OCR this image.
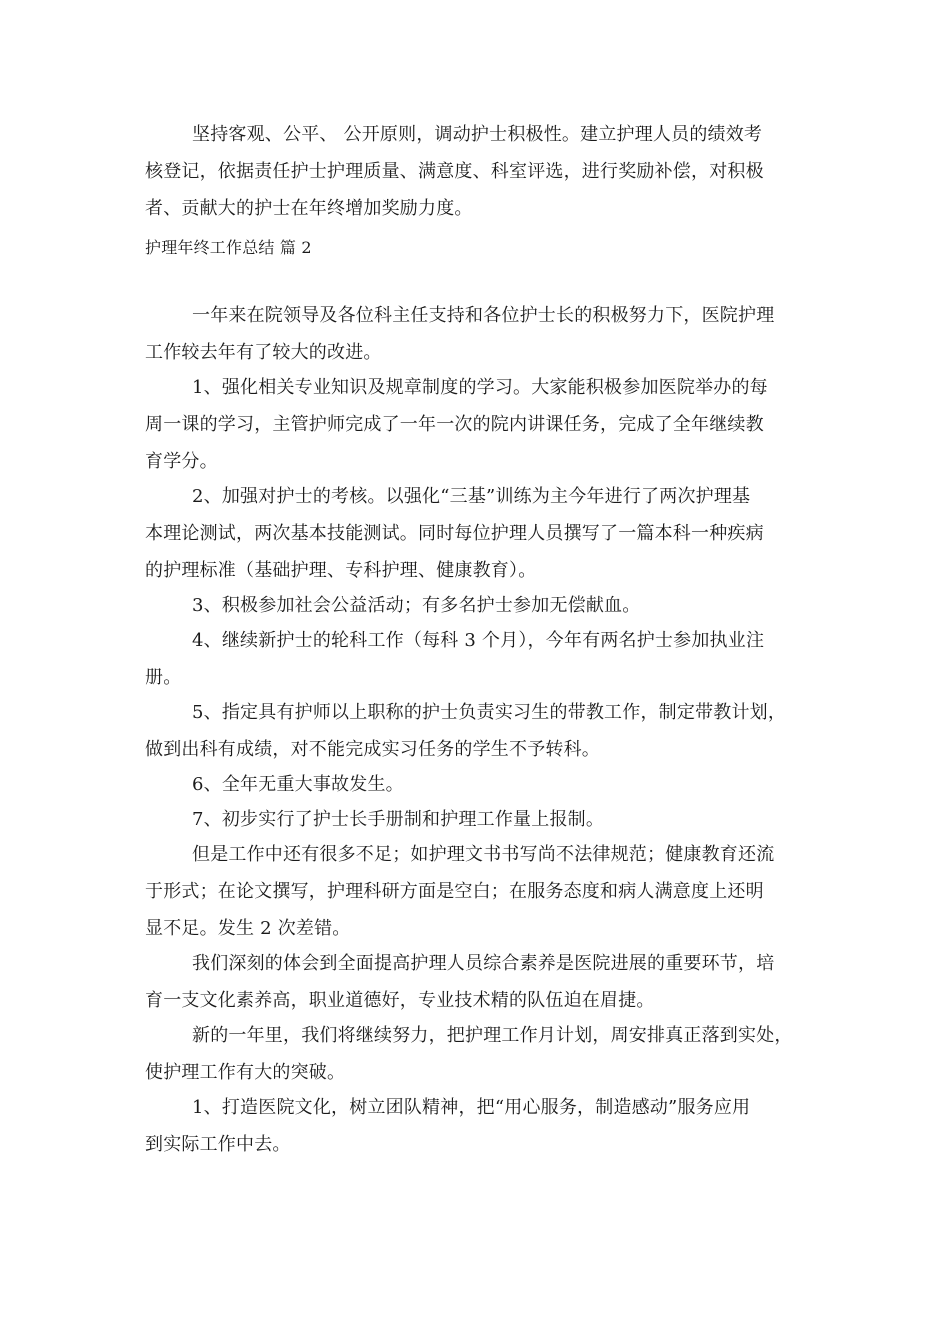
坚持客观、公平、 公开原则，调动护士积极性。建立护理人员的绩效考
核登记，依据责任护士护理质量、满意度、科室评选，进行奖励补偿，对积极
者、贡献大的护士在年终增加奖励力度。
护理年终工作总结 篇 2
一年来在院领导及各位科主任支持和各位护士长的积极努力下，医院护理
工作较去年有了较大的改进。
1、强化相关专业知识及规章制度的学习。大家能积极参加医院举办的每
周一课的学习，主管护师完成了一年一次的院内讲课任务，完成了全年继续教
育学分。
2、加强对护士的考核。以强化“三基”训练为主今年进行了两次护理基
本理论测试，两次基本技能测试。同时每位护理人员撰写了一篇本科一种疾病
的护理标准（基础护理、专科护理、健康教育）。
3、积极参加社会公益活动；有多名护士参加无偿献血。
4、继续新护士的轮科工作（每科 3 个月），今年有两名护士参加执业注
册。
5、指定具有护师以上职称的护士负责实习生的带教工作，制定带教计划，
做到出科有成绩，对不能完成实习任务的学生不予转科。
6、全年无重大事故发生。
7、初步实行了护士长手册制和护理工作量上报制。
但是工作中还有很多不足；如护理文书书写尚不法律规范；健康教育还流
于形式；在论文撰写，护理科研方面是空白；在服务态度和病人满意度上还明
显不足。发生 2 次差错。
我们深刻的体会到全面提高护理人员综合素养是医院进展的重要环节，培
育一支文化素养高，职业道德好，专业技术精的队伍迫在眉捷。
新的一年里，我们将继续努力，把护理工作月计划，周安排真正落到实处，
使护理工作有大的突破。
1、打造医院文化，树立团队精神，把“用心服务，制造感动”服务应用
到实际工作中去。
